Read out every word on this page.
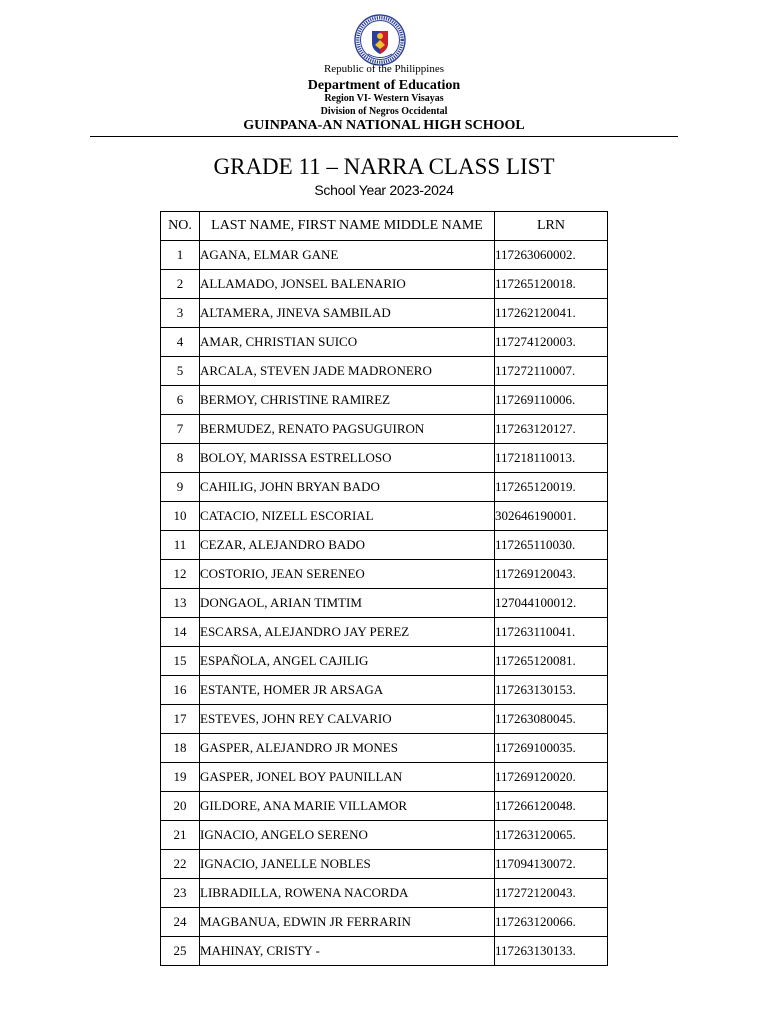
Republic of the Philippines
Department of Education
Region VI- Western Visayas
Division of Negros Occidental
GUINPANA-AN NATIONAL HIGH SCHOOL
GRADE 11 – NARRA CLASS LIST
School Year 2023-2024
NO.	LAST NAME, FIRST NAME MIDDLE NAME	LRN
1	AGANA, ELMAR GANE	117263060002.
2	ALLAMADO, JONSEL BALENARIO	117265120018.
3	ALTAMERA, JINEVA SAMBILAD	117262120041.
4	AMAR, CHRISTIAN SUICO	117274120003.
5	ARCALA, STEVEN JADE MADRONERO	117272110007.
6	BERMOY, CHRISTINE RAMIREZ	117269110006.
7	BERMUDEZ, RENATO PAGSUGUIRON	117263120127.
8	BOLOY, MARISSA ESTRELLOSO	117218110013.
9	CAHILIG, JOHN BRYAN BADO	117265120019.
10	CATACIO, NIZELL ESCORIAL	302646190001.
11	CEZAR, ALEJANDRO BADO	117265110030.
12	COSTORIO, JEAN SERENEO	117269120043.
13	DONGAOL, ARIAN TIMTIM	127044100012.
14	ESCARSA, ALEJANDRO JAY PEREZ	117263110041.
15	ESPAÑOLA, ANGEL CAJILIG	117265120081.
16	ESTANTE, HOMER JR ARSAGA	117263130153.
17	ESTEVES, JOHN REY CALVARIO	117263080045.
18	GASPER, ALEJANDRO JR MONES	117269100035.
19	GASPER, JONEL BOY PAUNILLAN	117269120020.
20	GILDORE, ANA MARIE VILLAMOR	117266120048.
21	IGNACIO, ANGELO SERENO	117263120065.
22	IGNACIO, JANELLE NOBLES	117094130072.
23	LIBRADILLA, ROWENA NACORDA	117272120043.
24	MAGBANUA, EDWIN JR FERRARIN	117263120066.
25	MAHINAY, CRISTY -	117263130133.
